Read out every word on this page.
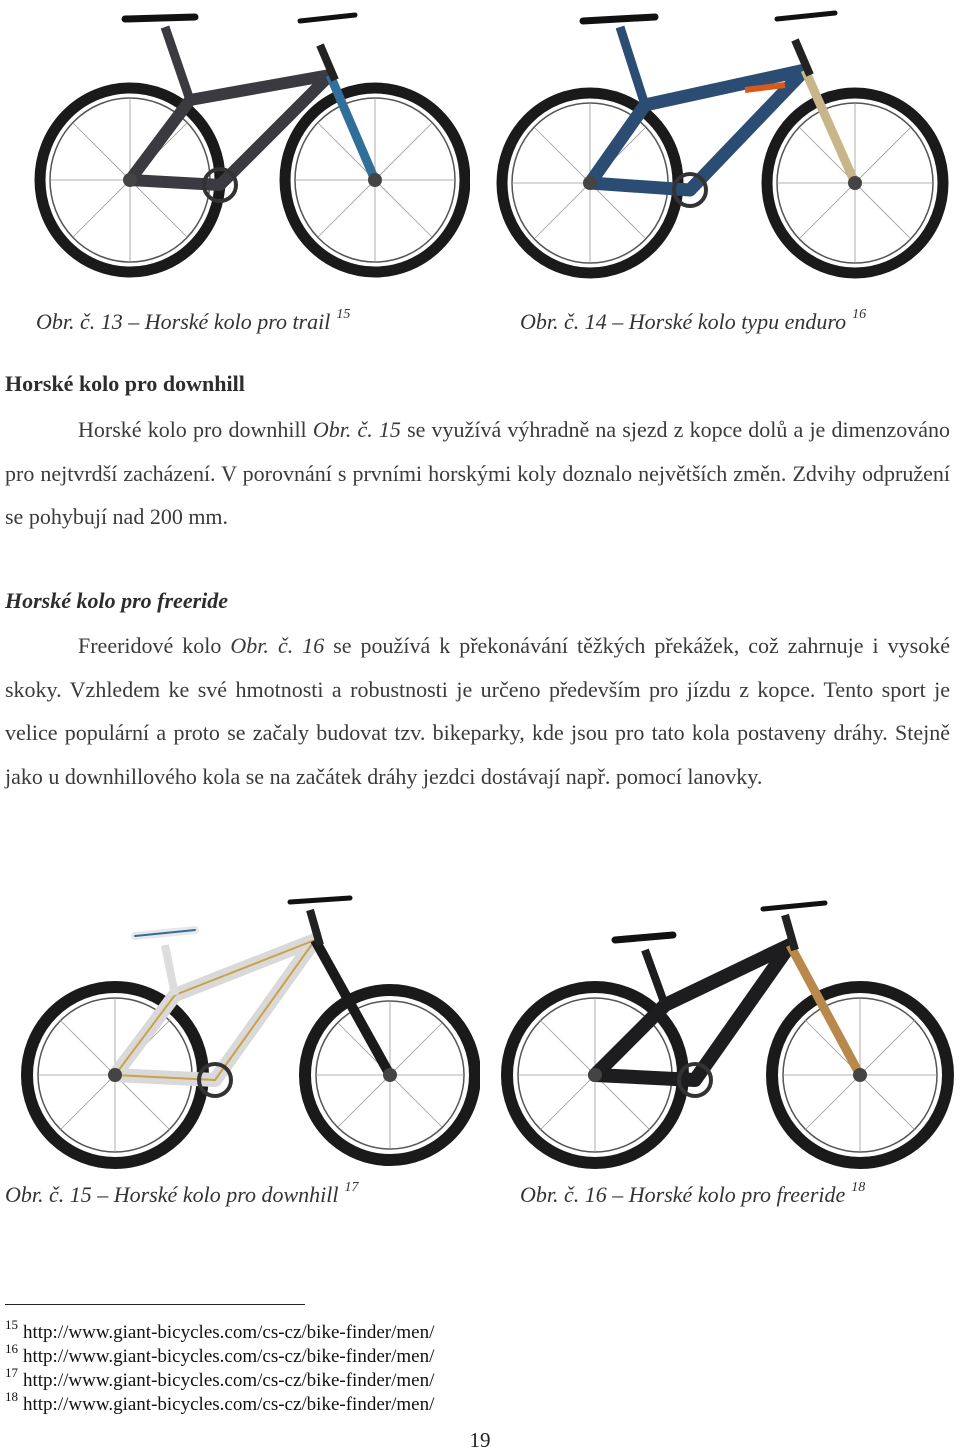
Obr. č. 13 – Horské kolo pro trail $^{15}$	Obr. č. 14 – Horské kolo typu enduro $^{16}$
Horské kolo pro downhill
Horské kolo pro downhill Obr. č. 15 se využívá výhradně na sjezd z kopce dolů a je dimenzováno pro nejtvrdší zacházení. V porovnání s prvními horskými koly doznalo největších změn. Zdvihy odpružení se pohybují nad 200 mm.
Horské kolo pro freeride
Freeridové kolo Obr. č. 16 se používá k překonávání těžkých překážek, což zahrnuje i vysoké skoky. Vzhledem ke své hmotnosti a robustnosti je určeno především pro jízdu z kopce. Tento sport je velice populární a proto se začaly budovat tzv. bikeparky, kde jsou pro tato kola postaveny dráhy. Stejně jako u downhillového kola se na začátek dráhy jezdci dostávají např. pomocí lanovky.
Obr. č. 15 – Horské kolo pro downhill $^{17}$	Obr. č. 16 – Horské kolo pro freeride $^{18}$
$^{15}$ http://www.giant-bicycles.com/cs-cz/bike-finder/men/
$^{16}$ http://www.giant-bicycles.com/cs-cz/bike-finder/men/
$^{17}$ http://www.giant-bicycles.com/cs-cz/bike-finder/men/
$^{18}$ http://www.giant-bicycles.com/cs-cz/bike-finder/men/
19
